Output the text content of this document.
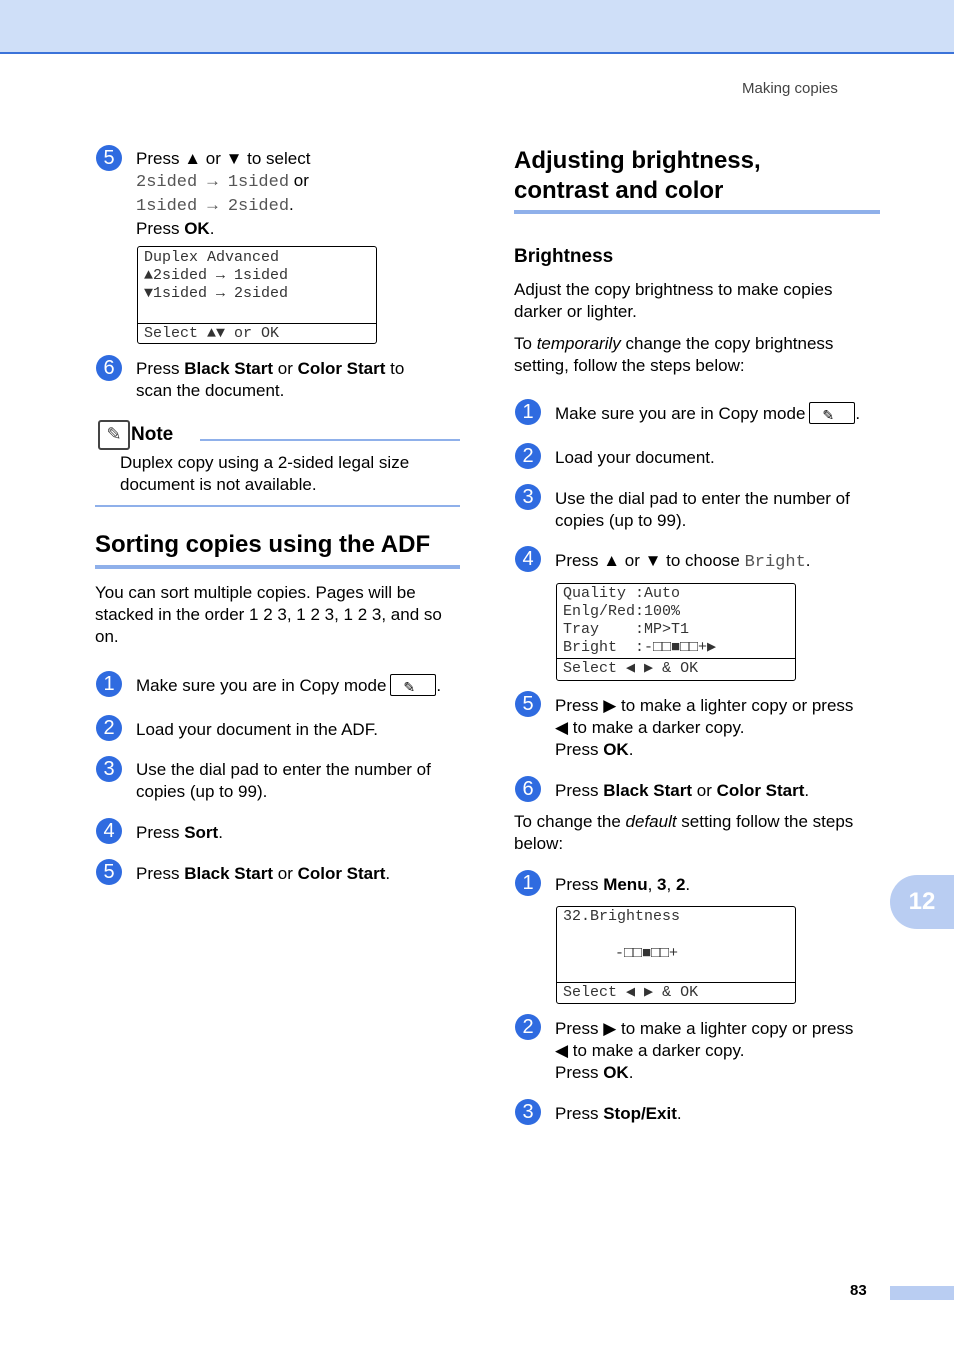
Making copies
12
83
5	Press ▲ or ▼ to select
2sided → 1sided or
1sided → 2sided.
Press OK.
Duplex Advanced
▲2sided → 1sided
▼1sided → 2sided
Select ▲▼ or OK
6	Press Black Start or Color Start to
scan the document.
✎ Note
Duplex copy using a 2-sided legal size
document is not available.
Sorting copies using the ADF
You can sort multiple copies. Pages will be
stacked in the order 1 2 3, 1 2 3, 1 2 3, and so
on.
1	Make sure you are in Copy mode ✎ .
2	Load your document in the ADF.
3	Use the dial pad to enter the number of
copies (up to 99).
4	Press Sort.
5	Press Black Start or Color Start.
Adjusting brightness,
contrast and color
Brightness
Adjust the copy brightness to make copies
darker or lighter.
To temporarily change the copy brightness
setting, follow the steps below:
1	Make sure you are in Copy mode ✎ .
2	Load your document.
3	Use the dial pad to enter the number of
copies (up to 99).
4	Press ▲ or ▼ to choose Bright.
Quality :Auto
Enlg/Red:100%
Tray    :MP>T1
Bright  :-□□■□□+▶
Select ◀ ▶ & OK
5	Press ▶ to make a lighter copy or press
◀ to make a darker copy.
Press OK.
6	Press Black Start or Color Start.
To change the default setting follow the steps
below:
1	Press Menu, 3, 2.
32.Brightness
-□□■□□+
Select ◀ ▶ & OK
2	Press ▶ to make a lighter copy or press
◀ to make a darker copy.
Press OK.
3	Press Stop/Exit.
